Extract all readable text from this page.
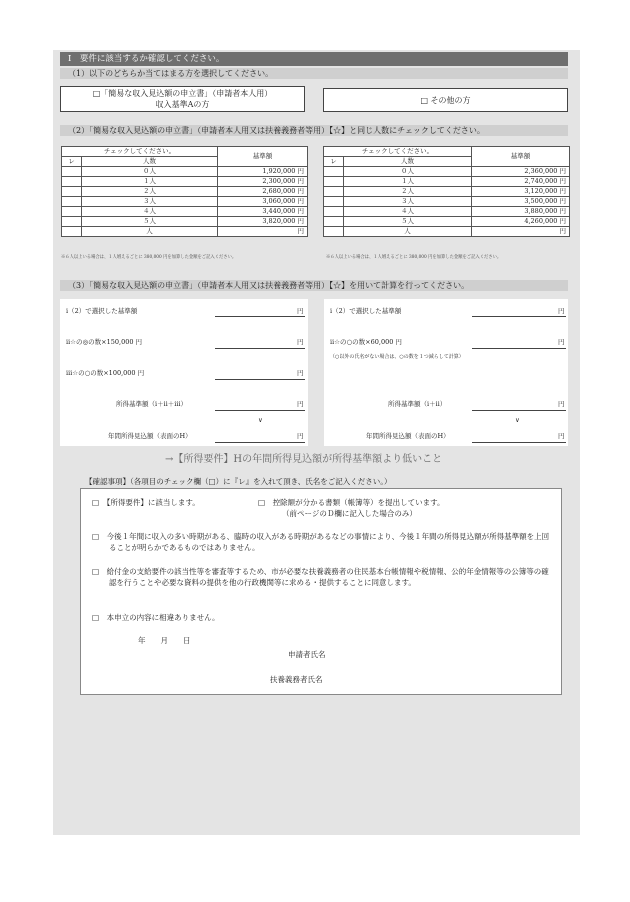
Ⅰ　要件に該当するか確認してください。
（1）以下のどちらか当てはまる方を選択してください。
□「簡易な収入見込額の申立書」（申請者本人用）
収入基準Aの方	□ その他の方
（2）「簡易な収入見込額の申立書」（申請者本人用又は扶養義務者等用）【☆】と同じ人数にチェックしてください。
チェックしてください。		基準額
レ	人数	
	０人	1,920,000 円
	１人	2,300,000 円
	２人	2,680,000 円
	３人	3,060,000 円
	４人	3,440,000 円
	５人	3,820,000 円
	人	円
※６人以上いる場合は、１人増えるごとに 380,000 円を加算した金額をご記入ください。
チェックしてください。		基準額
レ	人数	
	０人	2,360,000 円
	１人	2,740,000 円
	２人	3,120,000 円
	３人	3,500,000 円
	４人	3,880,000 円
	５人	4,260,000 円
	人	円
※６人以上いる場合は、１人増えるごとに 380,000 円を加算した金額をご記入ください。
（3）「簡易な収入見込額の申立書」（申請者本人用又は扶養義務者等用）【☆】を用いて計算を行ってください。
ⅰ（2）で選択した基準額	円
ⅱ☆の◎の数×150,000 円	円
ⅲ☆の○の数×100,000 円	円
所得基準額（ⅰ＋ⅱ＋ⅲ）	円
∨
年間所得見込額（表面のH）	円
ⅰ（2）で選択した基準額	円
ⅱ☆の○の数×60,000 円	円
（○以外の氏名がない場合は、○の数を１つ減らして計算）
所得基準額（ⅰ＋ⅱ）	円
∨
年間所得見込額（表面のH）	円
→【所得要件】Hの年間所得見込額が所得基準額より低いこと
【確認事項】（各項目のチェック欄（□）に『レ』を入れて頂き、氏名をご記入ください。）
□　【所得要件】に該当します。	□　控除額が分かる書類（帳簿等）を提出しています。
（前ページのＤ欄に記入した場合のみ）
□　今後１年間に収入の多い時期がある、臨時の収入がある時期があるなどの事情により、今後１年間の所得見込額が所得基準額を上回ることが明らかであるものではありません。
□　給付金の支給要件の該当性等を審査等するため、市が必要な扶養義務者の住民基本台帳情報や税情報、公的年金情報等の公簿等の確認を行うことや必要な資料の提供を他の行政機関等に求める・提供することに同意します。
□　本申立の内容に相違ありません。
年　　月　　日
申請者氏名
扶養義務者氏名
